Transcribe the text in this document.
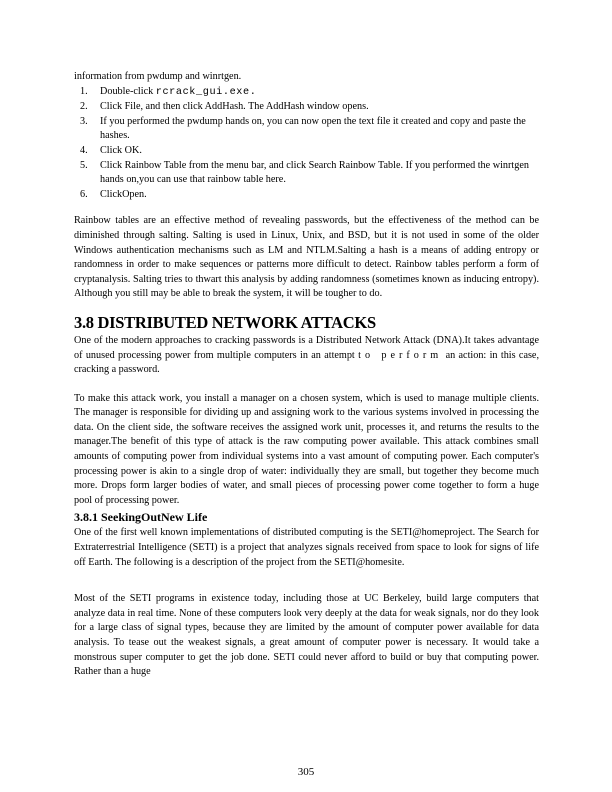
information from pwdump and winrtgen.

1. Double-click rcrack_gui.exe.
2. Click File, and then click AddHash. The AddHash window opens.
3. If you performed the pwdump hands on, you can now open the text file it created and copy and paste the hashes.
4. Click OK.
5. Click Rainbow Table from the menu bar, and click Search Rainbow Table. If you performed the winrtgen hands on,you can use that rainbow table here.
6. ClickOpen.

Rainbow tables are an effective method of revealing passwords, but the effectiveness of the method can be diminished through salting. Salting is used in Linux, Unix, and BSD, but it is not used in some of the older Windows authentication mechanisms such as LM and NTLM.Salting a hash is a means of adding entropy or randomness in order to make sequences or patterns more difficult to detect. Rainbow tables perform a form of cryptanalysis. Salting tries to thwart this analysis by adding randomness (sometimes known as inducing entropy). Although you still may be able to break the system, it will be tougher to do.

3.8 DISTRIBUTED NETWORK ATTACKS

One of the modern approaches to cracking passwords is a Distributed Network Attack (DNA).It takes advantage of unused processing power from multiple computers in an attempt to perform an action: in this case, cracking a password.

To make this attack work, you install a manager on a chosen system, which is used to manage multiple clients. The manager is responsible for dividing up and assigning work to the various systems involved in processing the data. On the client side, the software receives the assigned work unit, processes it, and returns the results to the manager.The benefit of this type of attack is the raw computing power available. This attack combines small amounts of computing power from individual systems into a vast amount of computing power. Each computer's processing power is akin to a single drop of water: individually they are small, but together they become much more. Drops form larger bodies of water, and small pieces of processing power come together to form a huge pool of processing power.

3.8.1 SeekingOutNew Life

One of the first well known implementations of distributed computing is the SETI@homeproject. The Search for Extraterrestrial Intelligence (SETI) is a project that analyzes signals received from space to look for signs of life off Earth. The following is a description of the project from the SETI@homesite.

Most of the SETI programs in existence today, including those at UC Berkeley, build large computers that analyze data in real time. None of these computers look very deeply at the data for weak signals, nor do they look for a large class of signal types, because they are limited by the amount of computer power available for data analysis. To tease out the weakest signals, a great amount of computer power is necessary. It would take a monstrous super computer to get the job done. SETI could never afford to build or buy that computing power. Rather than a huge

305
